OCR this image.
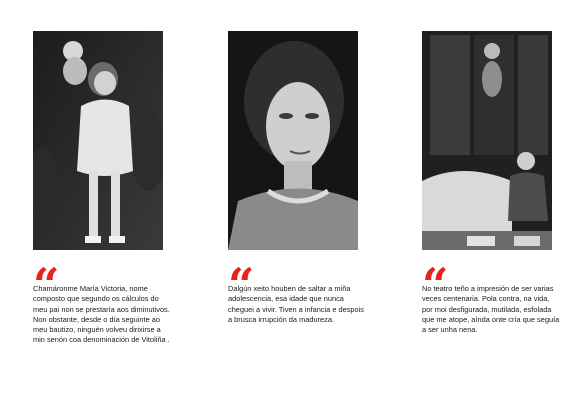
“

Chamáronme María Victoria, nome composto que segundo os cálculos do meu pai non se prestaría aos diminutivos. Non obstante, desde o día seguinte ao meu bautizo, ninguén volveu dirixirse a min senón coa denominación de Vitoliña .

“

Dalgún xeito houben de saltar a miña adolescencia, esa idade que nunca cheguei a vivir. Tiven a infancia e despois a brusca irrupción da madureza.

“

No teatro teño a impresión de ser varias veces centenaria. Pola contra, na vida, por moi desfigurada, mutilada, esfolada que me atope, aínda onte cría que seguía a ser unha nena.
